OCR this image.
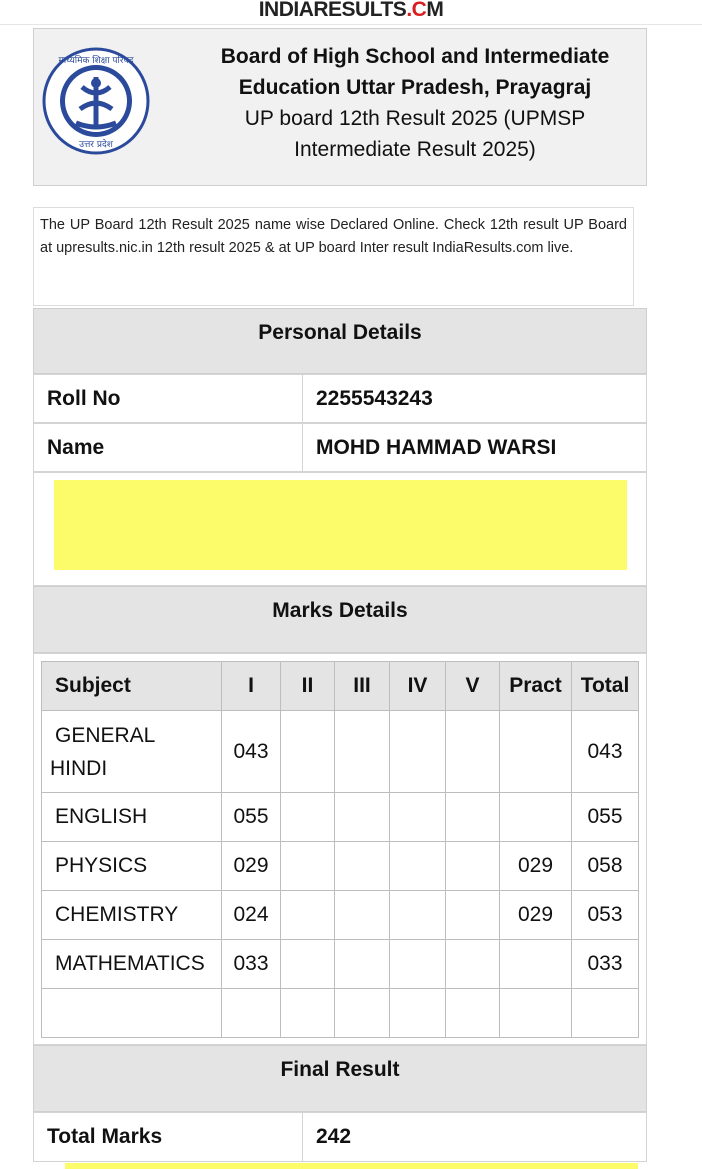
INDIARESULTS.CM
माध्यमिक शिक्षा परिषद
उत्तर प्रदेश
Board of High School and Intermediate
Education Uttar Pradesh, Prayagraj
UP board 12th Result 2025 (UPMSP
Intermediate Result 2025)
The UP Board 12th Result 2025 name wise Declared Online. Check 12th result UP Board at upresults.nic.in 12th result 2025 & at UP board Inter result IndiaResults.com live.
Personal Details
Roll No	2255543243
Name	MOHD HAMMAD WARSI
Marks Details
Subject	I	II	III	IV	V	Pract	Total
GENERAL
HINDI	043						043
ENGLISH	055						055
PHYSICS	029					029	058
CHEMISTRY	024					029	053
MATHEMATICS	033						033

Final Result
Total Marks	242
